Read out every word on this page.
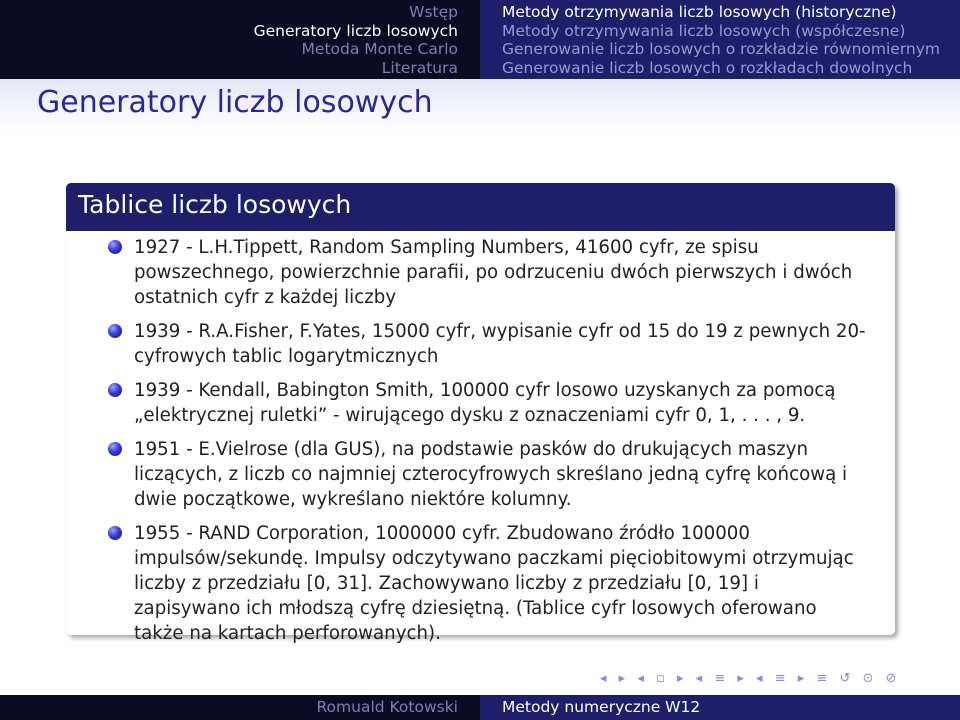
Wstęp
Generatory liczb losowych
Metoda Monte Carlo
Literatura
Metody otrzymywania liczb losowych (historyczne)
Metody otrzymywania liczb losowych (współczesne)
Generowanie liczb losowych o rozkładzie równomiernym
Generowanie liczb losowych o rozkładach dowolnych
Generatory liczb losowych
Tablice liczb losowych
1927 - L.H.Tippett, Random Sampling Numbers, 41600 cyfr, ze spisu powszechnego, powierzchnie parafii, po odrzuceniu dwóch pierwszych i dwóch ostatnich cyfr z każdej liczby
1939 - R.A.Fisher, F.Yates, 15000 cyfr, wypisanie cyfr od 15 do 19 z pewnych 20-cyfrowych tablic logarytmicznych
1939 - Kendall, Babington Smith, 100000 cyfr losowo uzyskanych za pomocą „elektrycznej ruletki” - wirującego dysku z oznaczeniami cyfr 0, 1, . . . , 9.
1951 - E.Vielrose (dla GUS), na podstawie pasków do drukujących maszyn liczących, z liczb co najmniej czterocyfrowych skreślano jedną cyfrę końcową i dwie początkowe, wykreślano niektóre kolumny.
1955 - RAND Corporation, 1000000 cyfr. Zbudowano źródło 100000 impulsów/sekundę. Impulsy odczytywano paczkami pięciobitowymi otrzymując liczby z przedziału [0, 31]. Zachowywano liczby z przedziału [0, 19] i zapisywano ich młodszą cyfrę dziesiętną. (Tablice cyfr losowych oferowano także na kartach perforowanych).
◂ ▸ ◂ ▫ ▸ ◂ ≡ ▸ ◂ ≡ ▸ ≡ ↺ ⊙ ⊘
Romuald Kotowski	Metody numeryczne W12
